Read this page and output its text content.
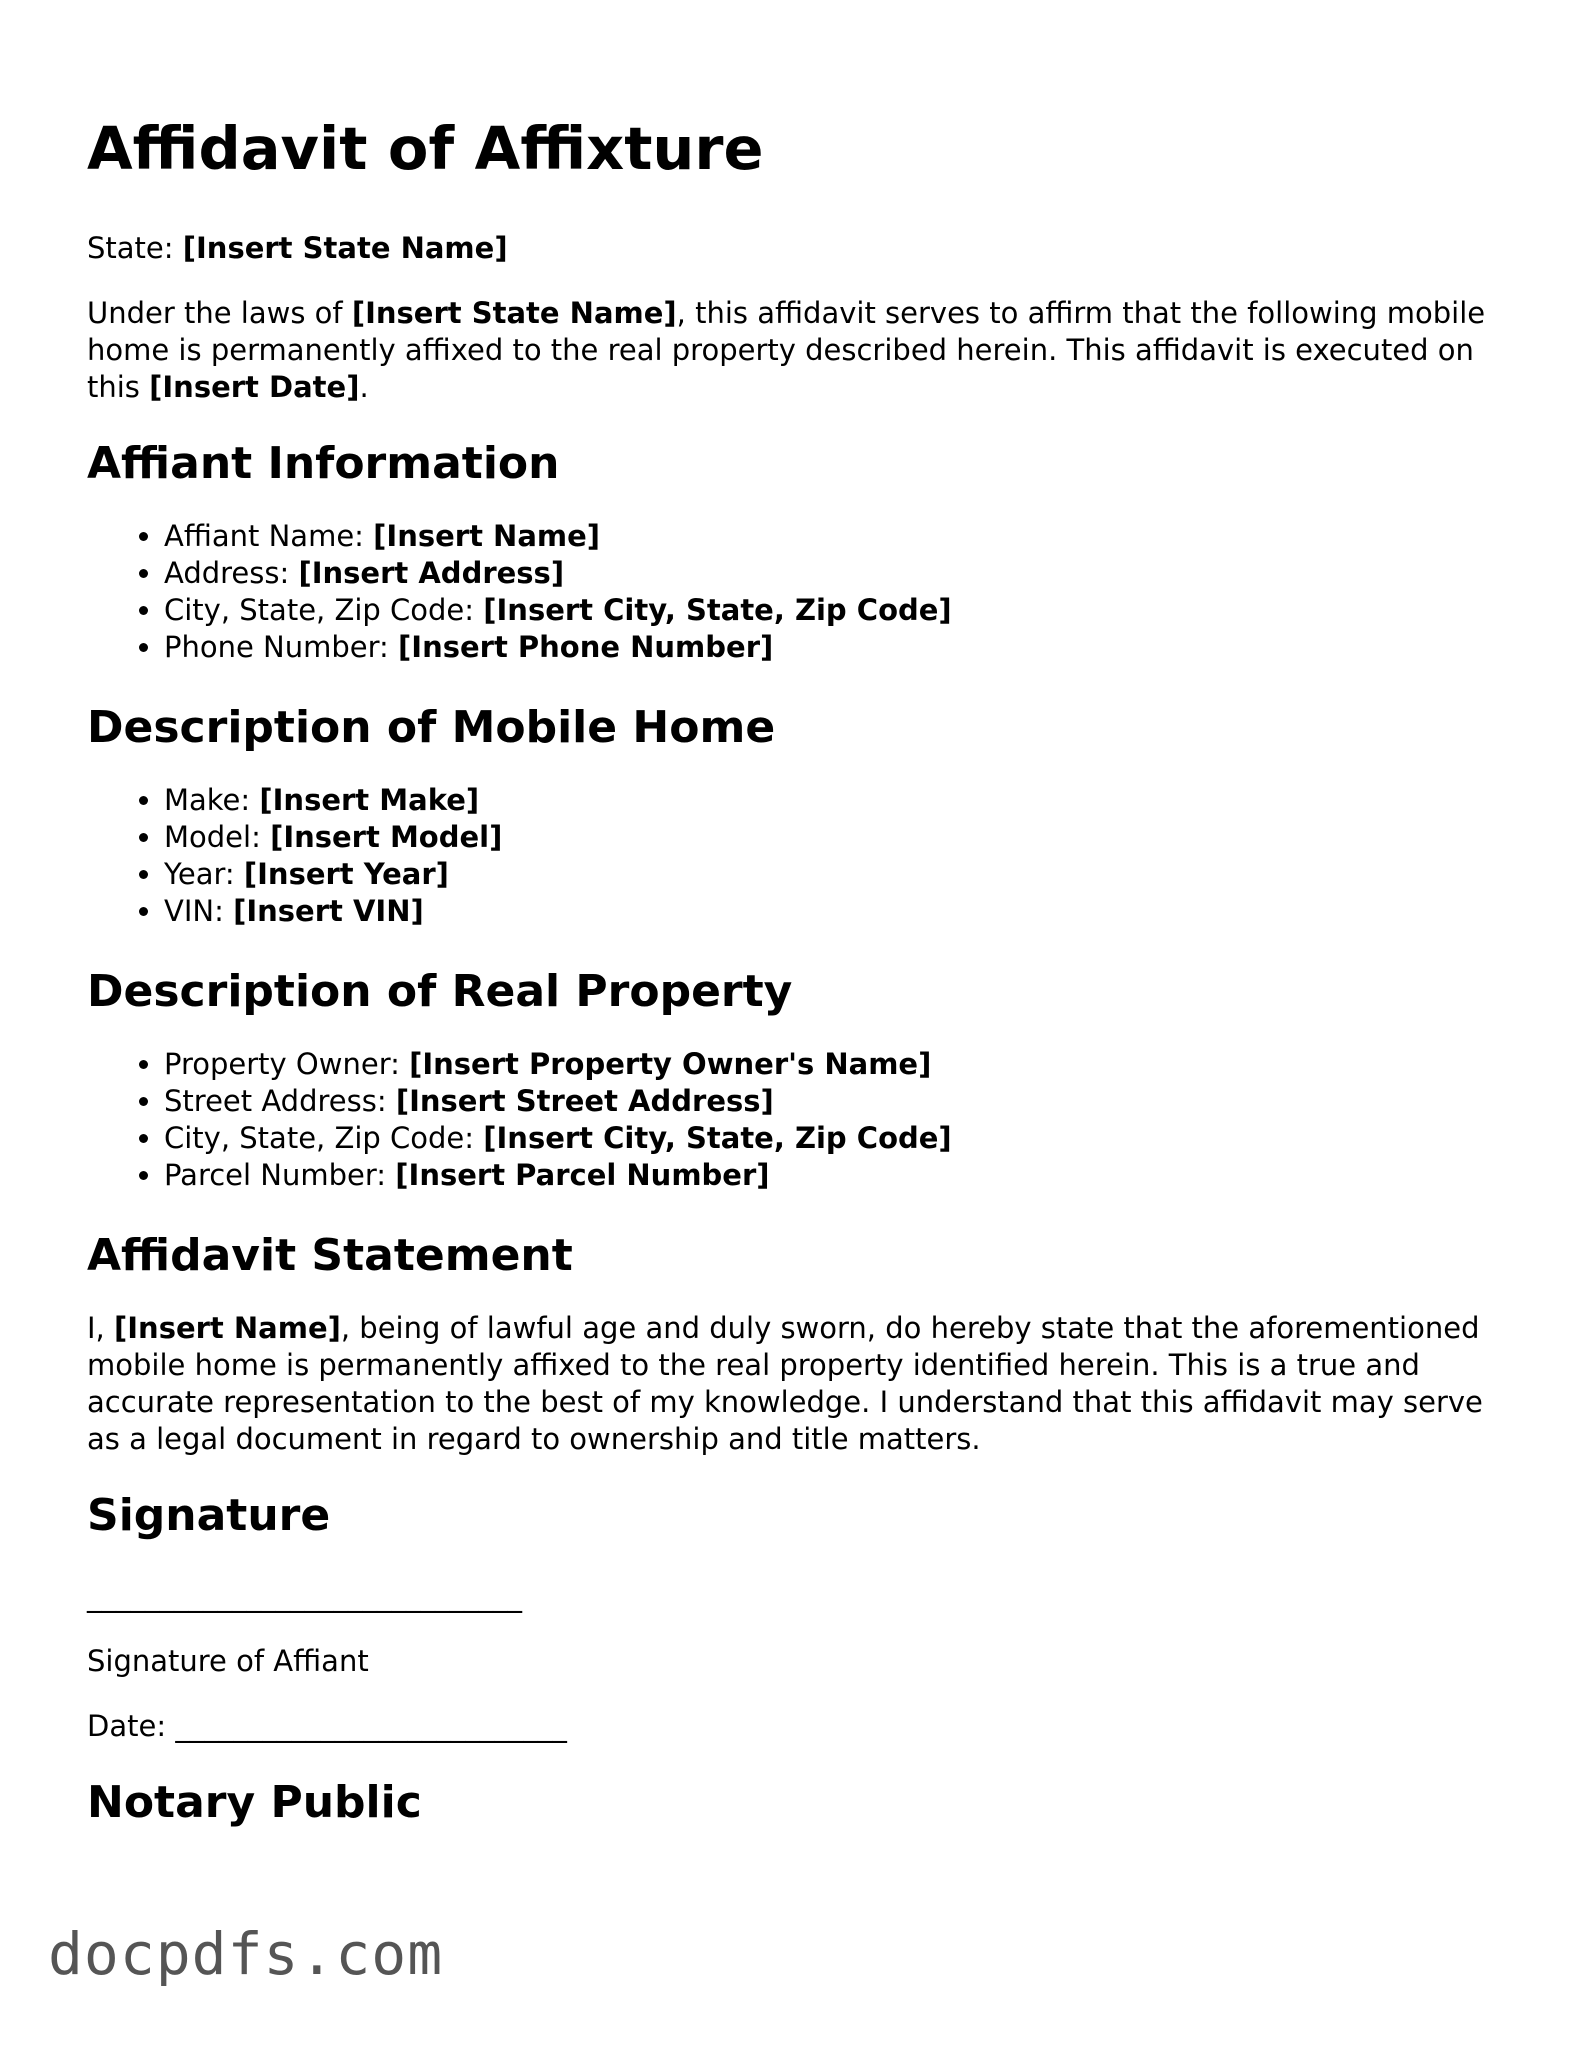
Affidavit of Affixture

State: [Insert State Name]

Under the laws of [Insert State Name], this affidavit serves to affirm that the following mobile home is permanently affixed to the real property described herein. This affidavit is executed on this [Insert Date].

Affiant Information
• Affiant Name: [Insert Name]
• Address: [Insert Address]
• City, State, Zip Code: [Insert City, State, Zip Code]
• Phone Number: [Insert Phone Number]
Description of Mobile Home
• Make: [Insert Make]
• Model: [Insert Model]
• Year: [Insert Year]
• VIN: [Insert VIN]
Description of Real Property
• Property Owner: [Insert Property Owner's Name]
• Street Address: [Insert Street Address]
• City, State, Zip Code: [Insert City, State, Zip Code]
• Parcel Number: [Insert Parcel Number]
Affidavit Statement

I, [Insert Name], being of lawful age and duly sworn, do hereby state that the aforementioned mobile home is permanently affixed to the real property identified herein. This is a true and accurate representation to the best of my knowledge. I understand that this affidavit may serve as a legal document in regard to ownership and title matters.

Signature
______________________________

Signature of Affiant

Date: ___________________________

Notary Public
docpdfs.com
